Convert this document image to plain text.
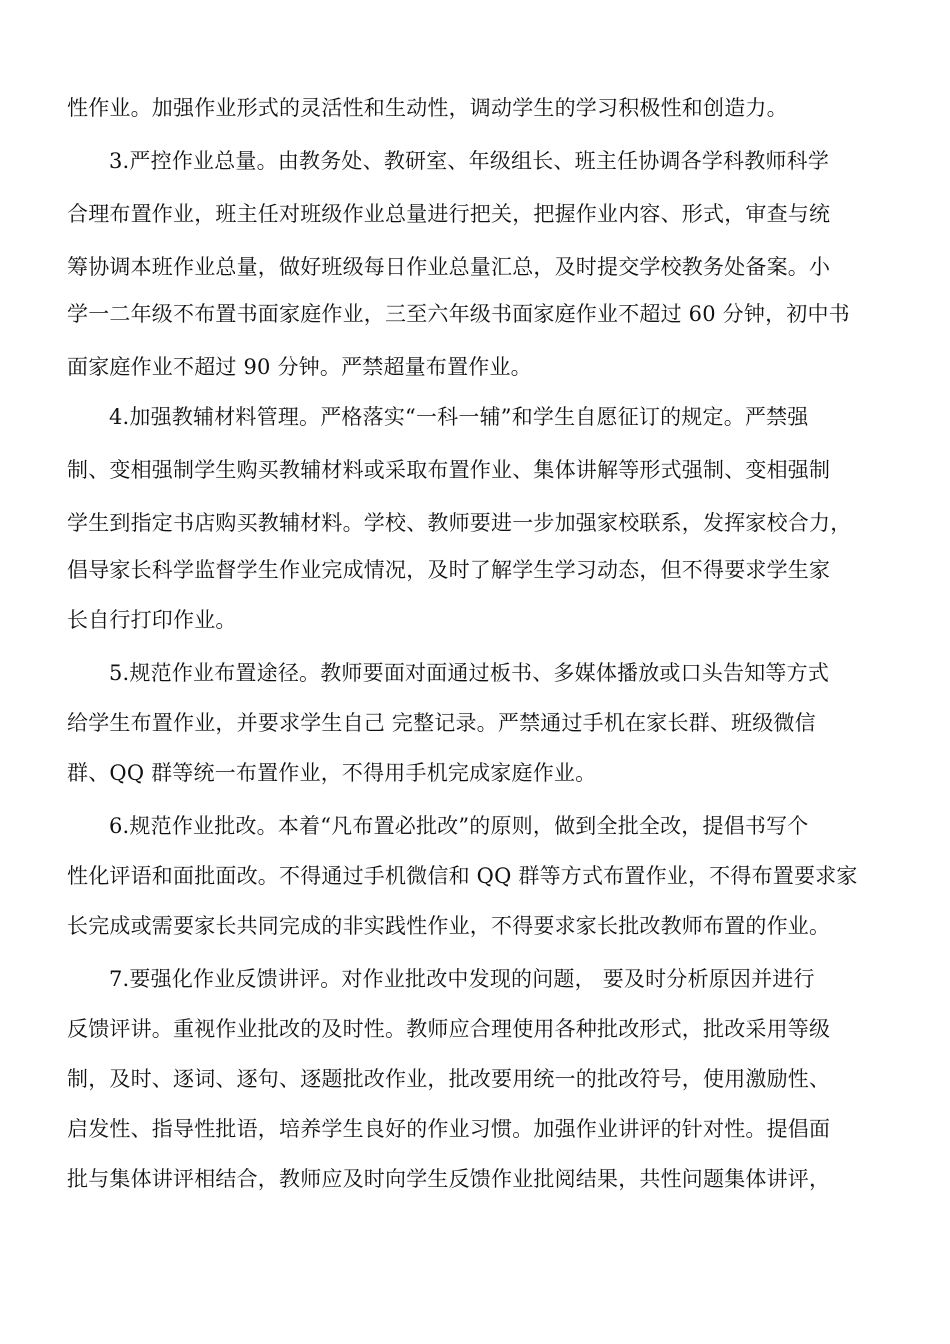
性作业。加强作业形式的灵活性和生动性，调动学生的学习积极性和创造力。
3.严控作业总量。由教务处、教研室、年级组长、班主任协调各学科教师科学
合理布置作业，班主任对班级作业总量进行把关，把握作业内容、形式，审查与统
筹协调本班作业总量，做好班级每日作业总量汇总，及时提交学校教务处备案。小
学一二年级不布置书面家庭作业，三至六年级书面家庭作业不超过 60 分钟，初中书
面家庭作业不超过 90 分钟。严禁超量布置作业。
4.加强教辅材料管理。严格落实“一科一辅”和学生自愿征订的规定。严禁强
制、变相强制学生购买教辅材料或采取布置作业、集体讲解等形式强制、变相强制
学生到指定书店购买教辅材料。学校、教师要进一步加强家校联系，发挥家校合力，
倡导家长科学监督学生作业完成情况，及时了解学生学习动态，但不得要求学生家
长自行打印作业。
5.规范作业布置途径。教师要面对面通过板书、多媒体播放或口头告知等方式
给学生布置作业，并要求学生自己 完整记录。严禁通过手机在家长群、班级微信
群、QQ 群等统一布置作业，不得用手机完成家庭作业。
6.规范作业批改。本着“凡布置必批改”的原则，做到全批全改，提倡书写个
性化评语和面批面改。不得通过手机微信和 QQ 群等方式布置作业，不得布置要求家
长完成或需要家长共同完成的非实践性作业，不得要求家长批改教师布置的作业。
7.要强化作业反馈讲评。对作业批改中发现的问题， 要及时分析原因并进行
反馈评讲。重视作业批改的及时性。教师应合理使用各种批改形式，批改采用等级
制，及时、逐词、逐句、逐题批改作业，批改要用统一的批改符号，使用激励性、
启发性、指导性批语，培养学生良好的作业习惯。加强作业讲评的针对性。提倡面
批与集体讲评相结合，教师应及时向学生反馈作业批阅结果，共性问题集体讲评，
